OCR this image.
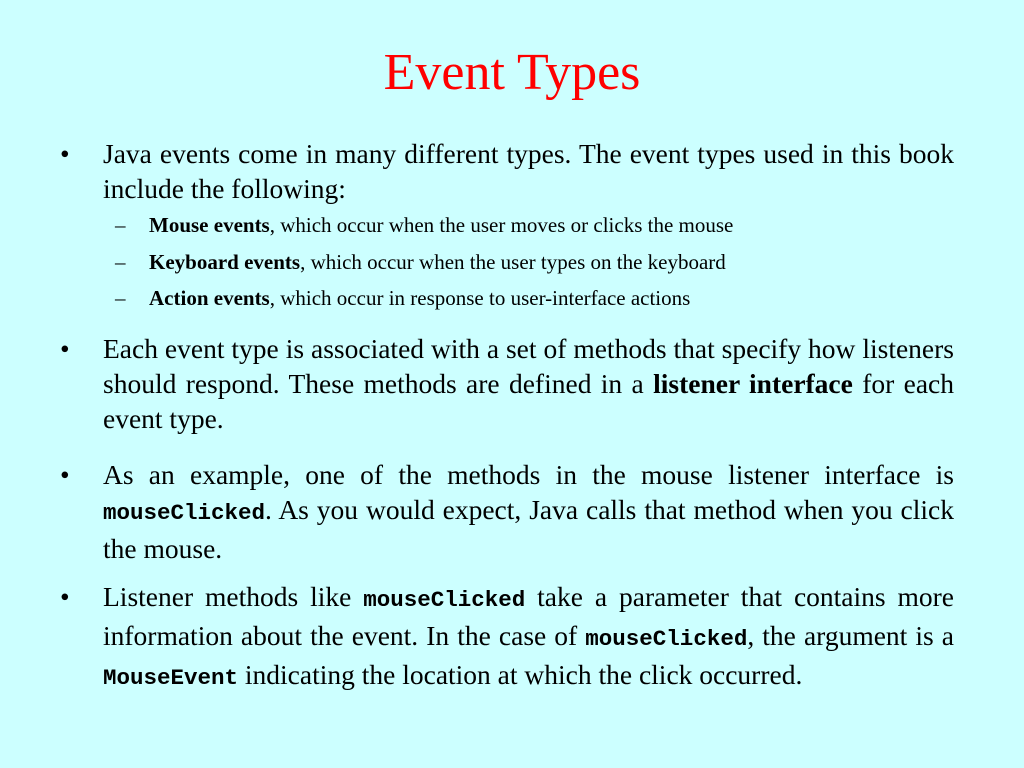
Event Types
•	Java events come in many different types. The event types used in this book include the following:
– Mouse events, which occur when the user moves or clicks the mouse
– Keyboard events, which occur when the user types on the keyboard
– Action events, which occur in response to user-interface actions
•	Each event type is associated with a set of methods that specify how listeners should respond. These methods are defined in a listener interface for each event type.
•	As an example, one of the methods in the mouse listener interface is mouseClicked. As you would expect, Java calls that method when you click the mouse.
•	Listener methods like mouseClicked take a parameter that contains more information about the event. In the case of mouseClicked, the argument is a MouseEvent indicating the location at which the click occurred.
